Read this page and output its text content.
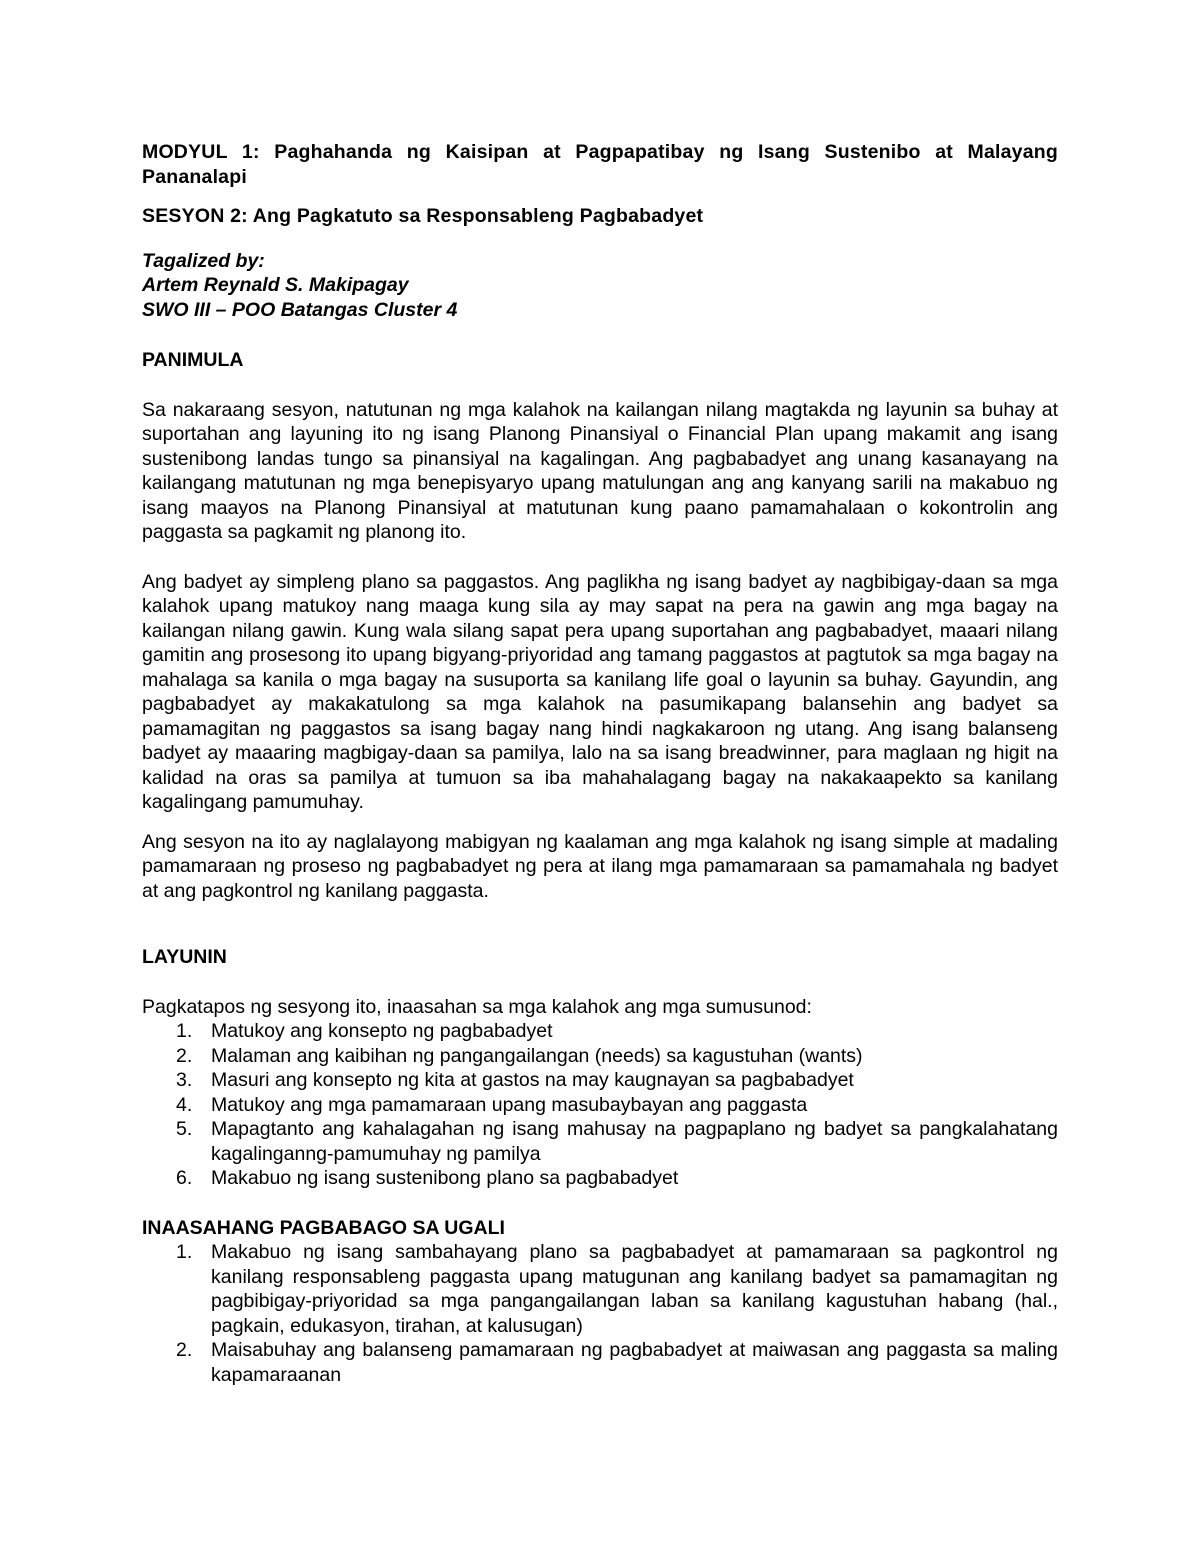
MODYUL 1: Paghahanda ng Kaisipan at Pagpapatibay ng Isang Sustenibo at Malayang Pananalapi

SESYON 2: Ang Pagkatuto sa Responsableng Pagbabadyet

Tagalized by:
Artem Reynald S. Makipagay
SWO III – POO Batangas Cluster 4

PANIMULA

Sa nakaraang sesyon, natutunan ng mga kalahok na kailangan nilang magtakda ng layunin sa buhay at suportahan ang layuning ito ng isang Planong Pinansiyal o Financial Plan upang makamit ang isang sustenibong landas tungo sa pinansiyal na kagalingan. Ang pagbabadyet ang unang kasanayang na kailangang matutunan ng mga benepisyaryo upang matulungan ang ang kanyang sarili na makabuo ng isang maayos na Planong Pinansiyal at matutunan kung paano pamamahalaan o kokontrolin ang paggasta sa pagkamit ng planong ito.

Ang badyet ay simpleng plano sa paggastos. Ang paglikha ng isang badyet ay nagbibigay-daan sa mga kalahok upang matukoy nang maaga kung sila ay may sapat na pera na gawin ang mga bagay na kailangan nilang gawin. Kung wala silang sapat pera upang suportahan ang pagbabadyet, maaari nilang gamitin ang prosesong ito upang bigyang-priyoridad ang tamang paggastos at pagtutok sa mga bagay na mahalaga sa kanila o mga bagay na susuporta sa kanilang life goal o layunin sa buhay. Gayundin, ang pagbabadyet ay makakatulong sa mga kalahok na pasumikapang balansehin ang badyet sa pamamagitan ng paggastos sa isang bagay nang hindi nagkakaroon ng utang. Ang isang balanseng badyet ay maaaring magbigay-daan sa pamilya, lalo na sa isang breadwinner, para maglaan ng higit na kalidad na oras sa pamilya at tumuon sa iba mahahalagang bagay na nakakaapekto sa kanilang kagalingang pamumuhay.

Ang sesyon na ito ay naglalayong mabigyan ng kaalaman ang mga kalahok ng isang simple at madaling pamamaraan ng proseso ng pagbabadyet ng pera at ilang mga pamamaraan sa pamamahala ng badyet at ang pagkontrol ng kanilang paggasta.

LAYUNIN

Pagkatapos ng sesyong ito, inaasahan sa mga kalahok ang mga sumusunod:

1. Matukoy ang konsepto ng pagbabadyet
2. Malaman ang kaibihan ng pangangailangan (needs) sa kagustuhan (wants)
3. Masuri ang konsepto ng kita at gastos na may kaugnayan sa pagbabadyet
4. Matukoy ang mga pamamaraan upang masubaybayan ang paggasta
5. Mapagtanto ang kahalagahan ng isang mahusay na pagpaplano ng badyet sa pangkalahatang kagalinganng-pamumuhay ng pamilya
6. Makabuo ng isang sustenibong plano sa pagbabadyet

INAASAHANG PAGBABAGO SA UGALI

1. Makabuo ng isang sambahayang plano sa pagbabadyet at pamamaraan sa pagkontrol ng kanilang responsableng paggasta upang matugunan ang kanilang badyet sa pamamagitan ng pagbibigay-priyoridad sa mga pangangailangan laban sa kanilang kagustuhan habang (hal., pagkain, edukasyon, tirahan, at kalusugan)
2. Maisabuhay ang balanseng pamamaraan ng pagbabadyet at maiwasan ang paggasta sa maling kapamaraanan
